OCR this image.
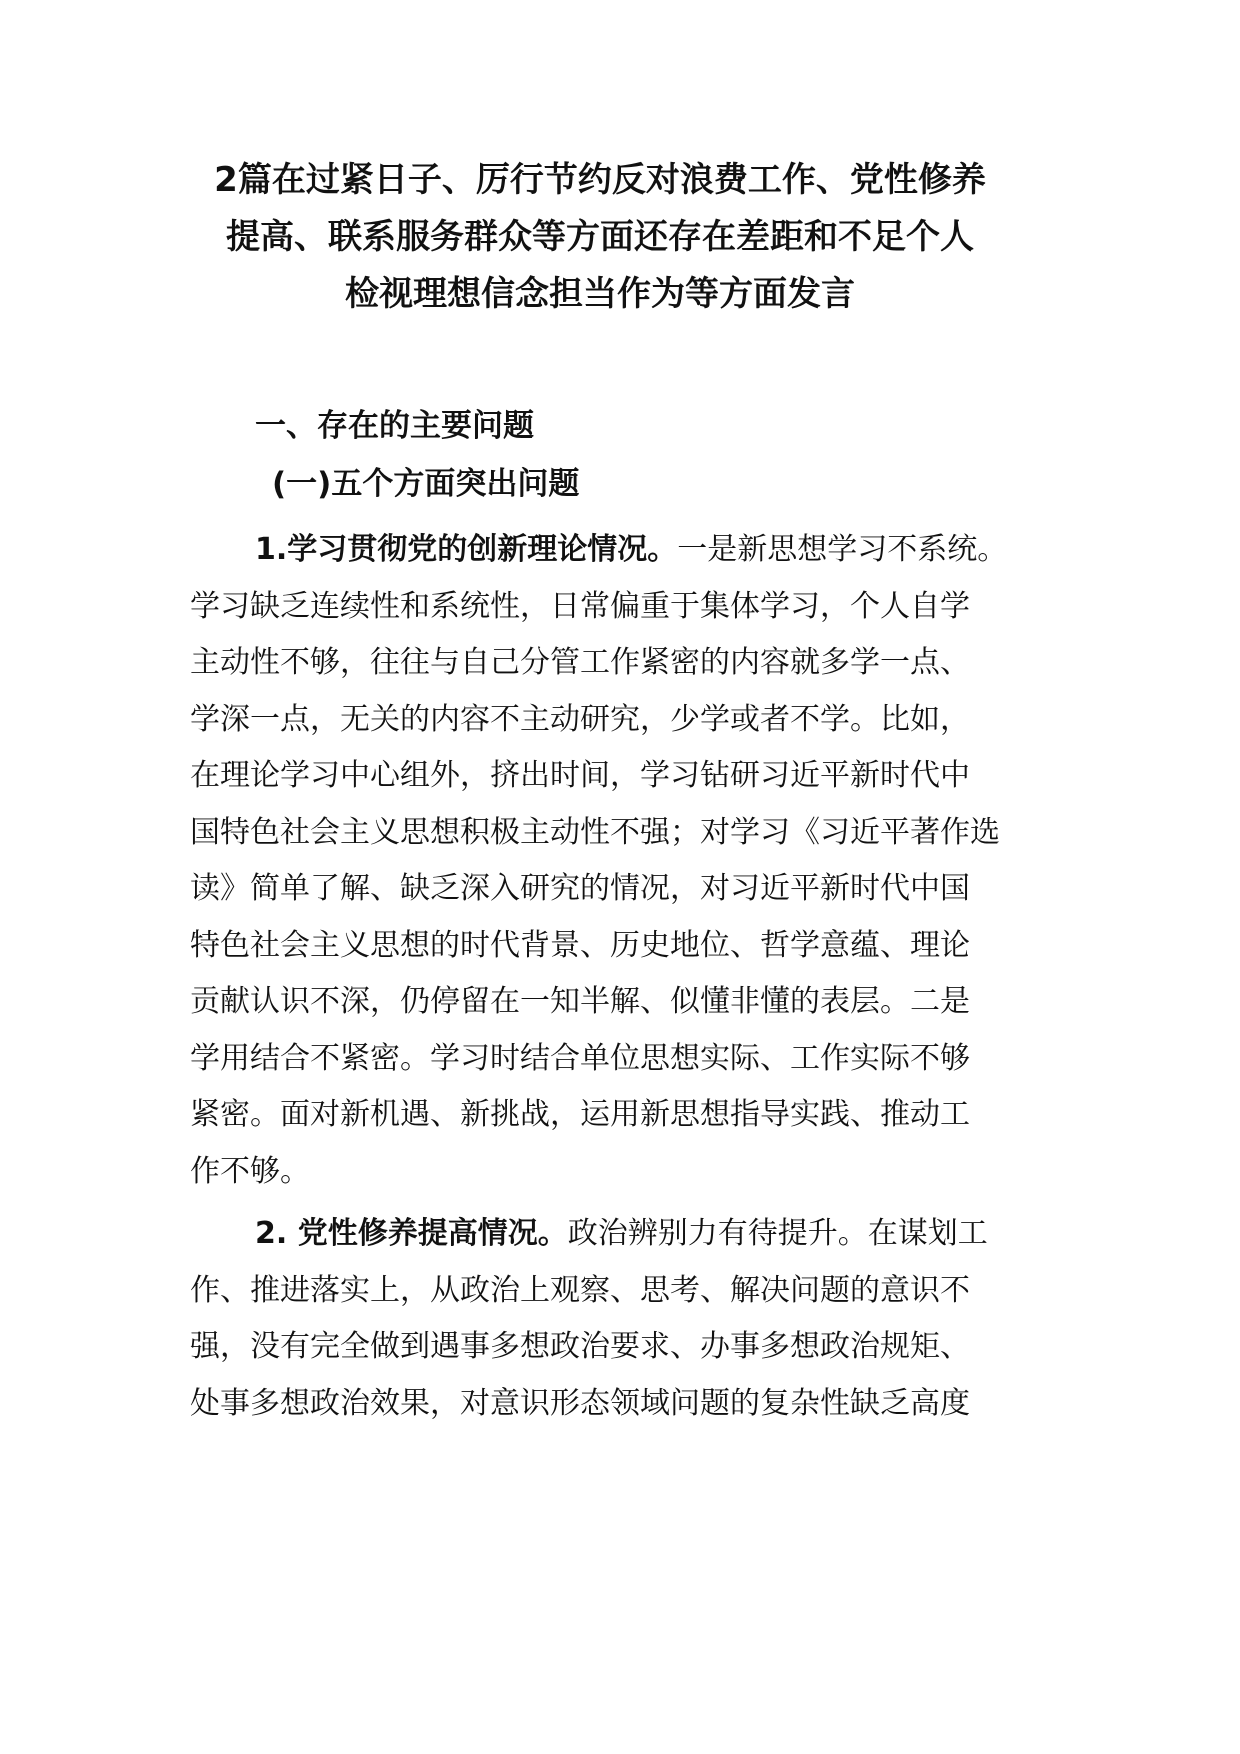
2篇在过紧日子、厉行节约反对浪费工作、党性修养
提高、联系服务群众等方面还存在差距和不足个人
检视理想信念担当作为等方面发言
一、存在的主要问题
(一)五个方面突出问题
1.学习贯彻党的创新理论情况。一是新思想学习不系统。
学习缺乏连续性和系统性，日常偏重于集体学习，个人自学
主动性不够，往往与自己分管工作紧密的内容就多学一点、
学深一点，无关的内容不主动研究，少学或者不学。比如，
在理论学习中心组外，挤出时间，学习钻研习近平新时代中
国特色社会主义思想积极主动性不强；对学习《习近平著作选
读》简单了解、缺乏深入研究的情况，对习近平新时代中国
特色社会主义思想的时代背景、历史地位、哲学意蕴、理论
贡献认识不深，仍停留在一知半解、似懂非懂的表层。二是
学用结合不紧密。学习时结合单位思想实际、工作实际不够
紧密。面对新机遇、新挑战，运用新思想指导实践、推动工
作不够。
2. 党性修养提高情况。政治辨别力有待提升。在谋划工
作、推进落实上，从政治上观察、思考、解决问题的意识不
强，没有完全做到遇事多想政治要求、办事多想政治规矩、
处事多想政治效果，对意识形态领域问题的复杂性缺乏高度
